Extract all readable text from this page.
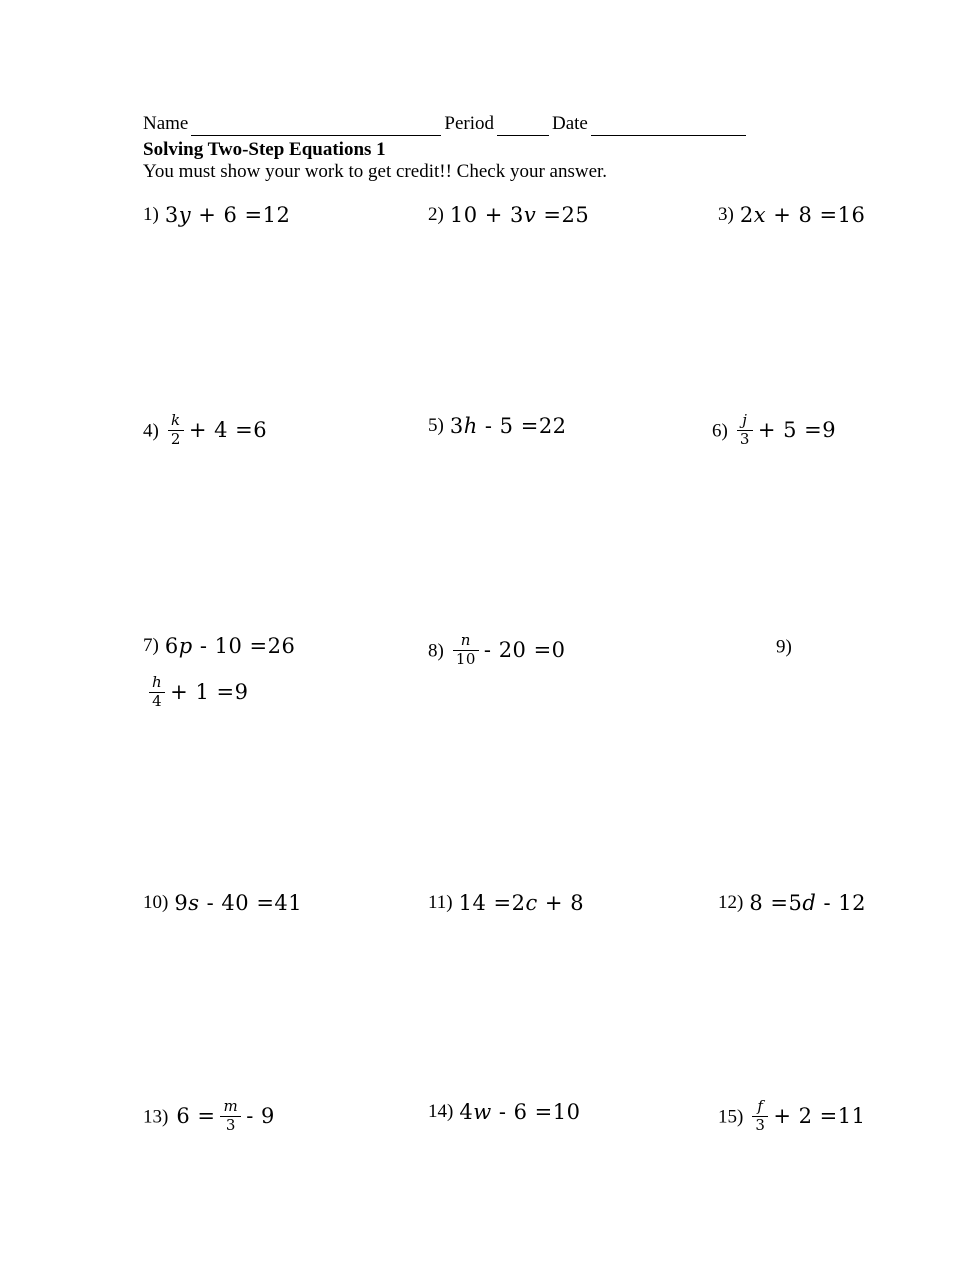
Name	Period	Date
Solving Two-Step Equations 1
You must show your work to get credit!! Check your answer.
1) 3y + 6 =12	2) 10 + 3v =25	3) 2x + 8 =16
$4) \frac{k}{2} + 4 =6$	5) 3h - 5 =22	$6) \frac{j}{3} + 5 =9$
7) 6p - 10 =26	$8) \frac{n}{10} - 20 =0$	9)
$\frac{h}{4} + 1 =9$
10) 9s - 40 =41	11) 14 =2c + 8	12) 8 =5d - 12
13) $6 = \frac{m}{3} - 9$	14) 4w - 6 =10	$15) \frac{f}{3} + 2 =11$
